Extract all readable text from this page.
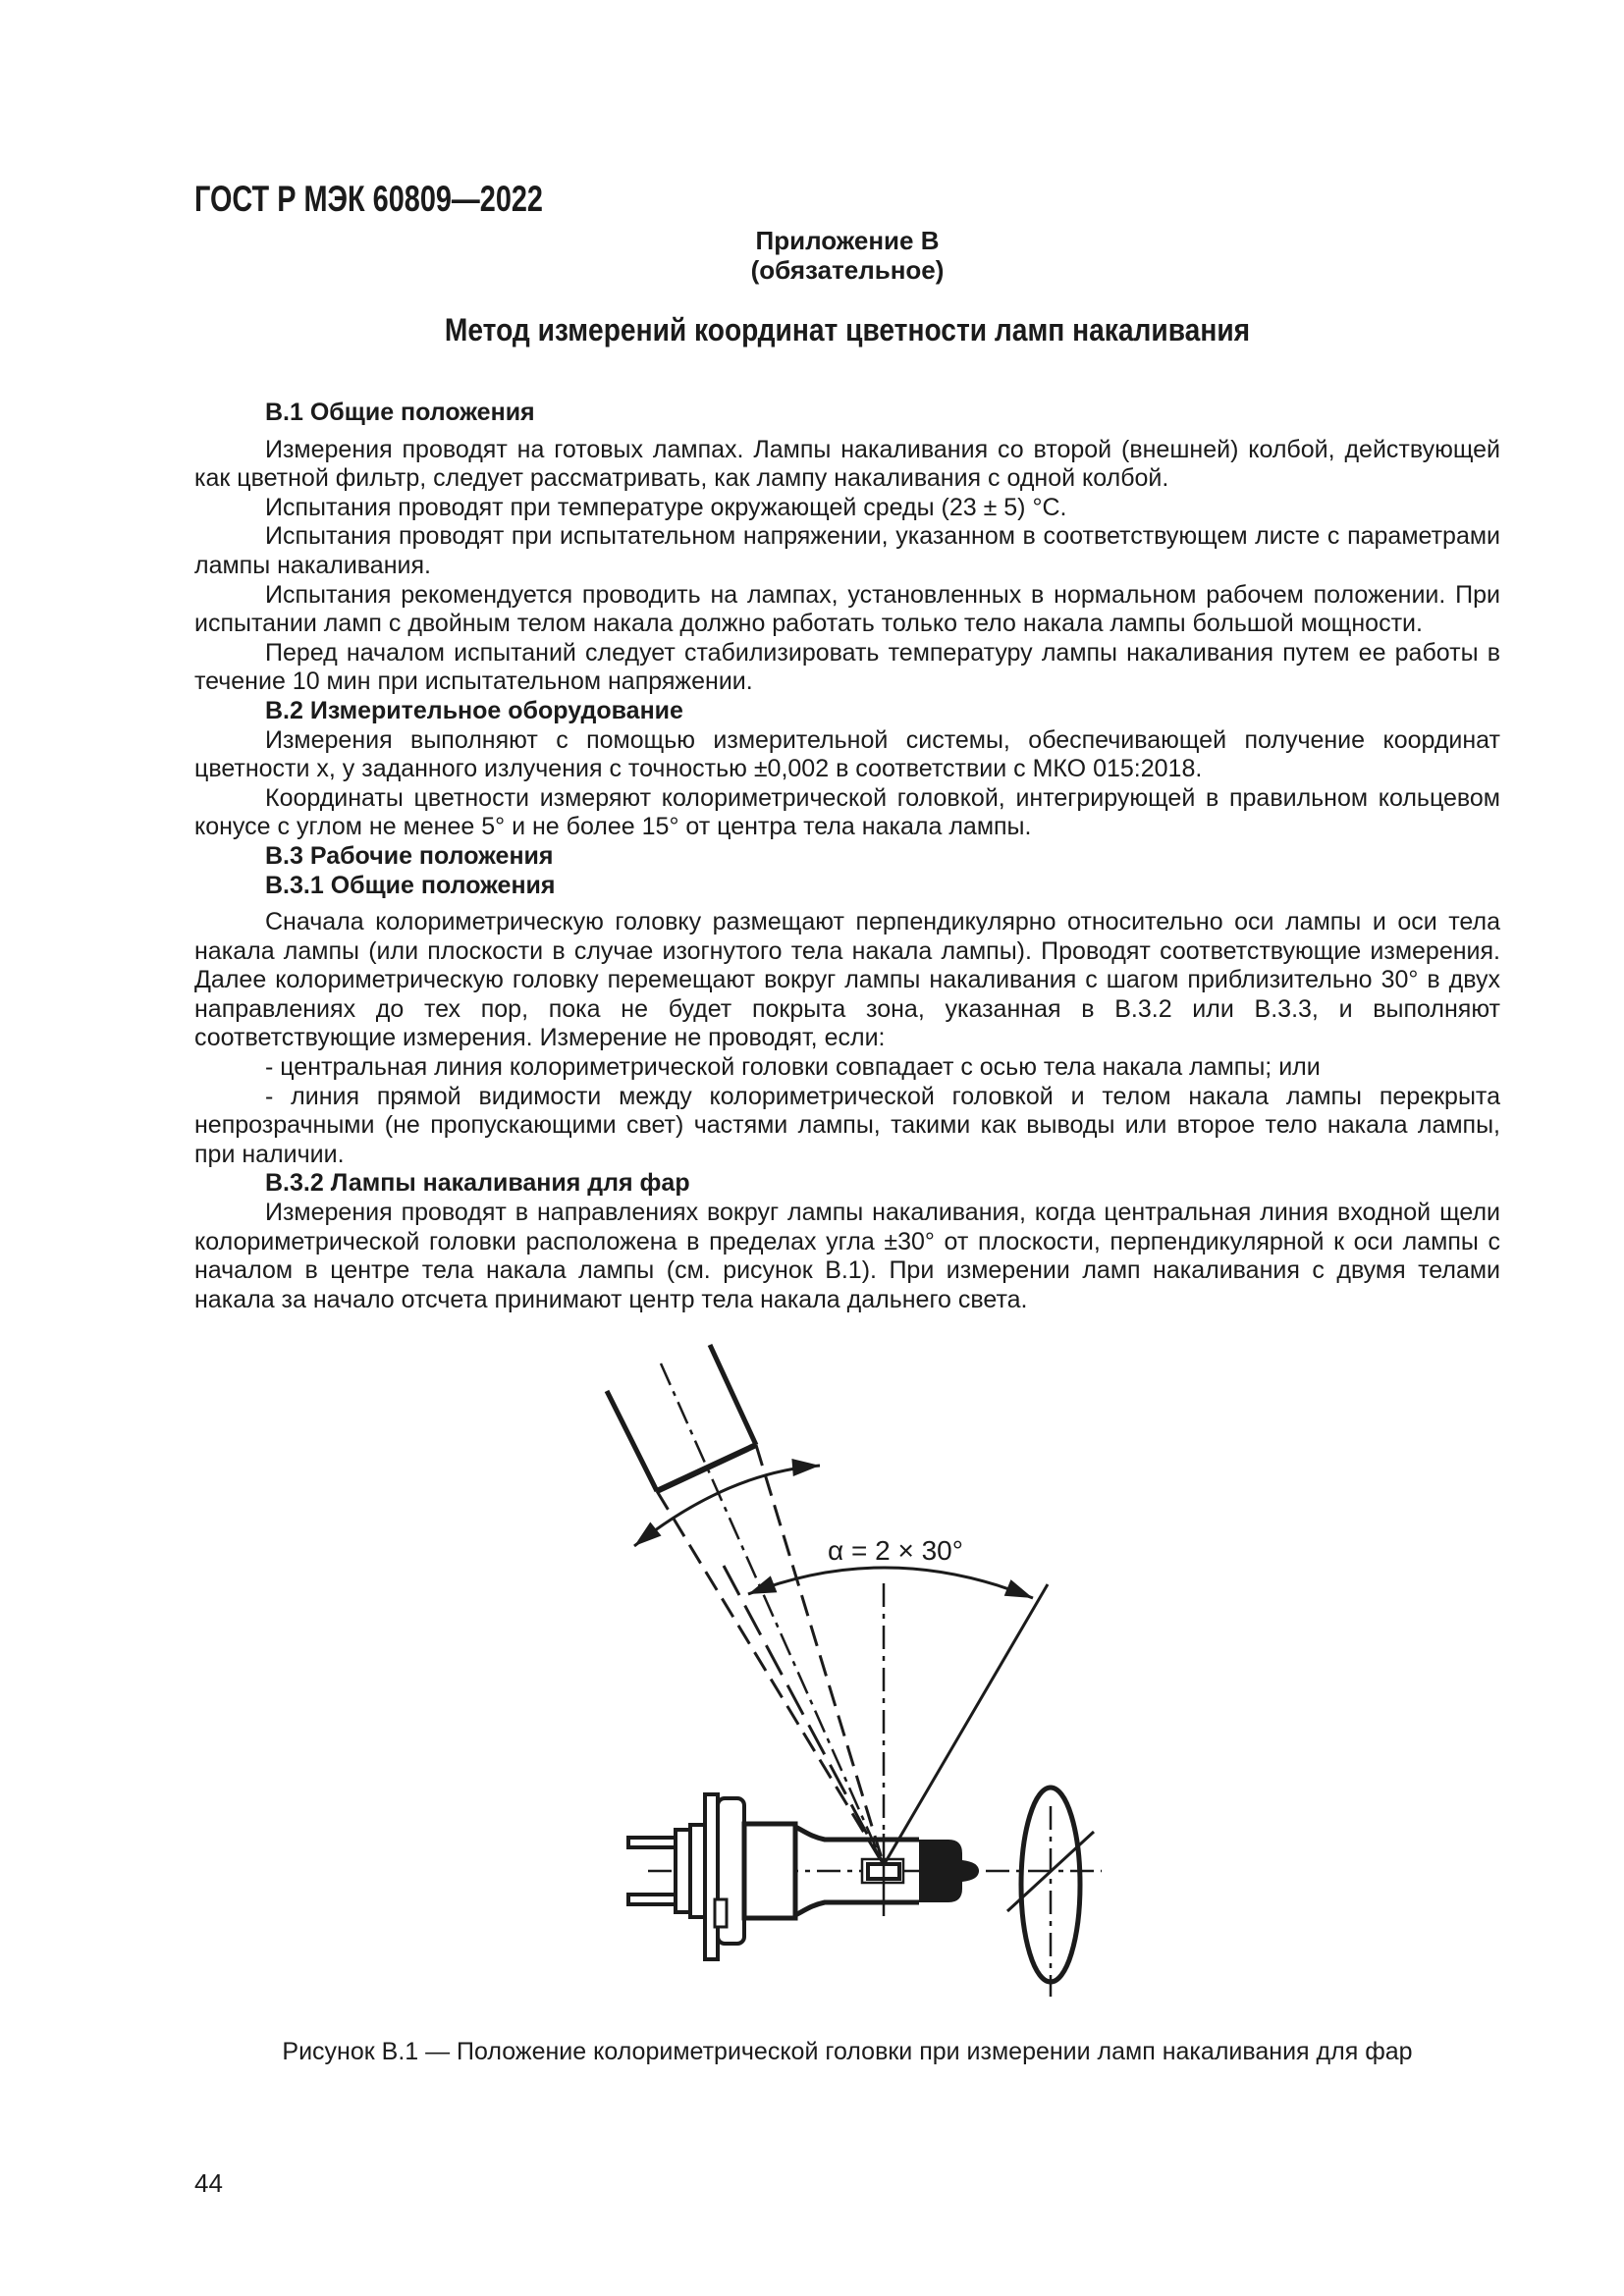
ГОСТ Р МЭК 60809—2022
Приложение В
(обязательное)
Метод измерений координат цветности ламп накаливания

В.1 Общие положения

Измерения проводят на готовых лампах. Лампы накаливания со второй (внешней) колбой, действующей как цветной фильтр, следует рассматривать, как лампу накаливания с одной колбой.

Испытания проводят при температуре окружающей среды (23 ± 5) °С.

Испытания проводят при испытательном напряжении, указанном в соответствующем листе с параметрами лампы накаливания.

Испытания рекомендуется проводить на лампах, установленных в нормальном рабочем положении. При испытании ламп с двойным телом накала должно работать только тело накала лампы большой мощности.

Перед началом испытаний следует стабилизировать температуру лампы накаливания путем ее работы в течение 10 мин при испытательном напряжении.

В.2 Измерительное оборудование

Измерения выполняют с помощью измерительной системы, обеспечивающей получение координат цветности x, y заданного излучения с точностью ±0,002 в соответствии с МКО 015:2018.

Координаты цветности измеряют колориметрической головкой, интегрирующей в правильном кольцевом конусе с углом не менее 5° и не более 15° от центра тела накала лампы.

В.3 Рабочие положения

В.3.1 Общие положения

Сначала колориметрическую головку размещают перпендикулярно относительно оси лампы и оси тела накала лампы (или плоскости в случае изогнутого тела накала лампы). Проводят соответствующие измерения. Далее колориметрическую головку перемещают вокруг лампы накаливания с шагом приблизительно 30° в двух направлениях до тех пор, пока не будет покрыта зона, указанная в В.3.2 или В.3.3, и выполняют соответствующие измерения. Измерение не проводят, если:

- центральная линия колориметрической головки совпадает с осью тела накала лампы; или

- линия прямой видимости между колориметрической головкой и телом накала лампы перекрыта непрозрачными (не пропускающими свет) частями лампы, такими как выводы или второе тело накала лампы, при наличии.

В.3.2 Лампы накаливания для фар

Измерения проводят в направлениях вокруг лампы накаливания, когда центральная линия входной щели колориметрической головки расположена в пределах угла ±30° от плоскости, перпендикулярной к оси лампы с началом в центре тела накала лампы (см. рисунок В.1). При измерении ламп накаливания с двумя телами накала за начало отсчета принимают центр тела накала дальнего света.

α = 2 × 30°
Рисунок В.1 — Положение колориметрической головки при измерении ламп накаливания для фар
44
